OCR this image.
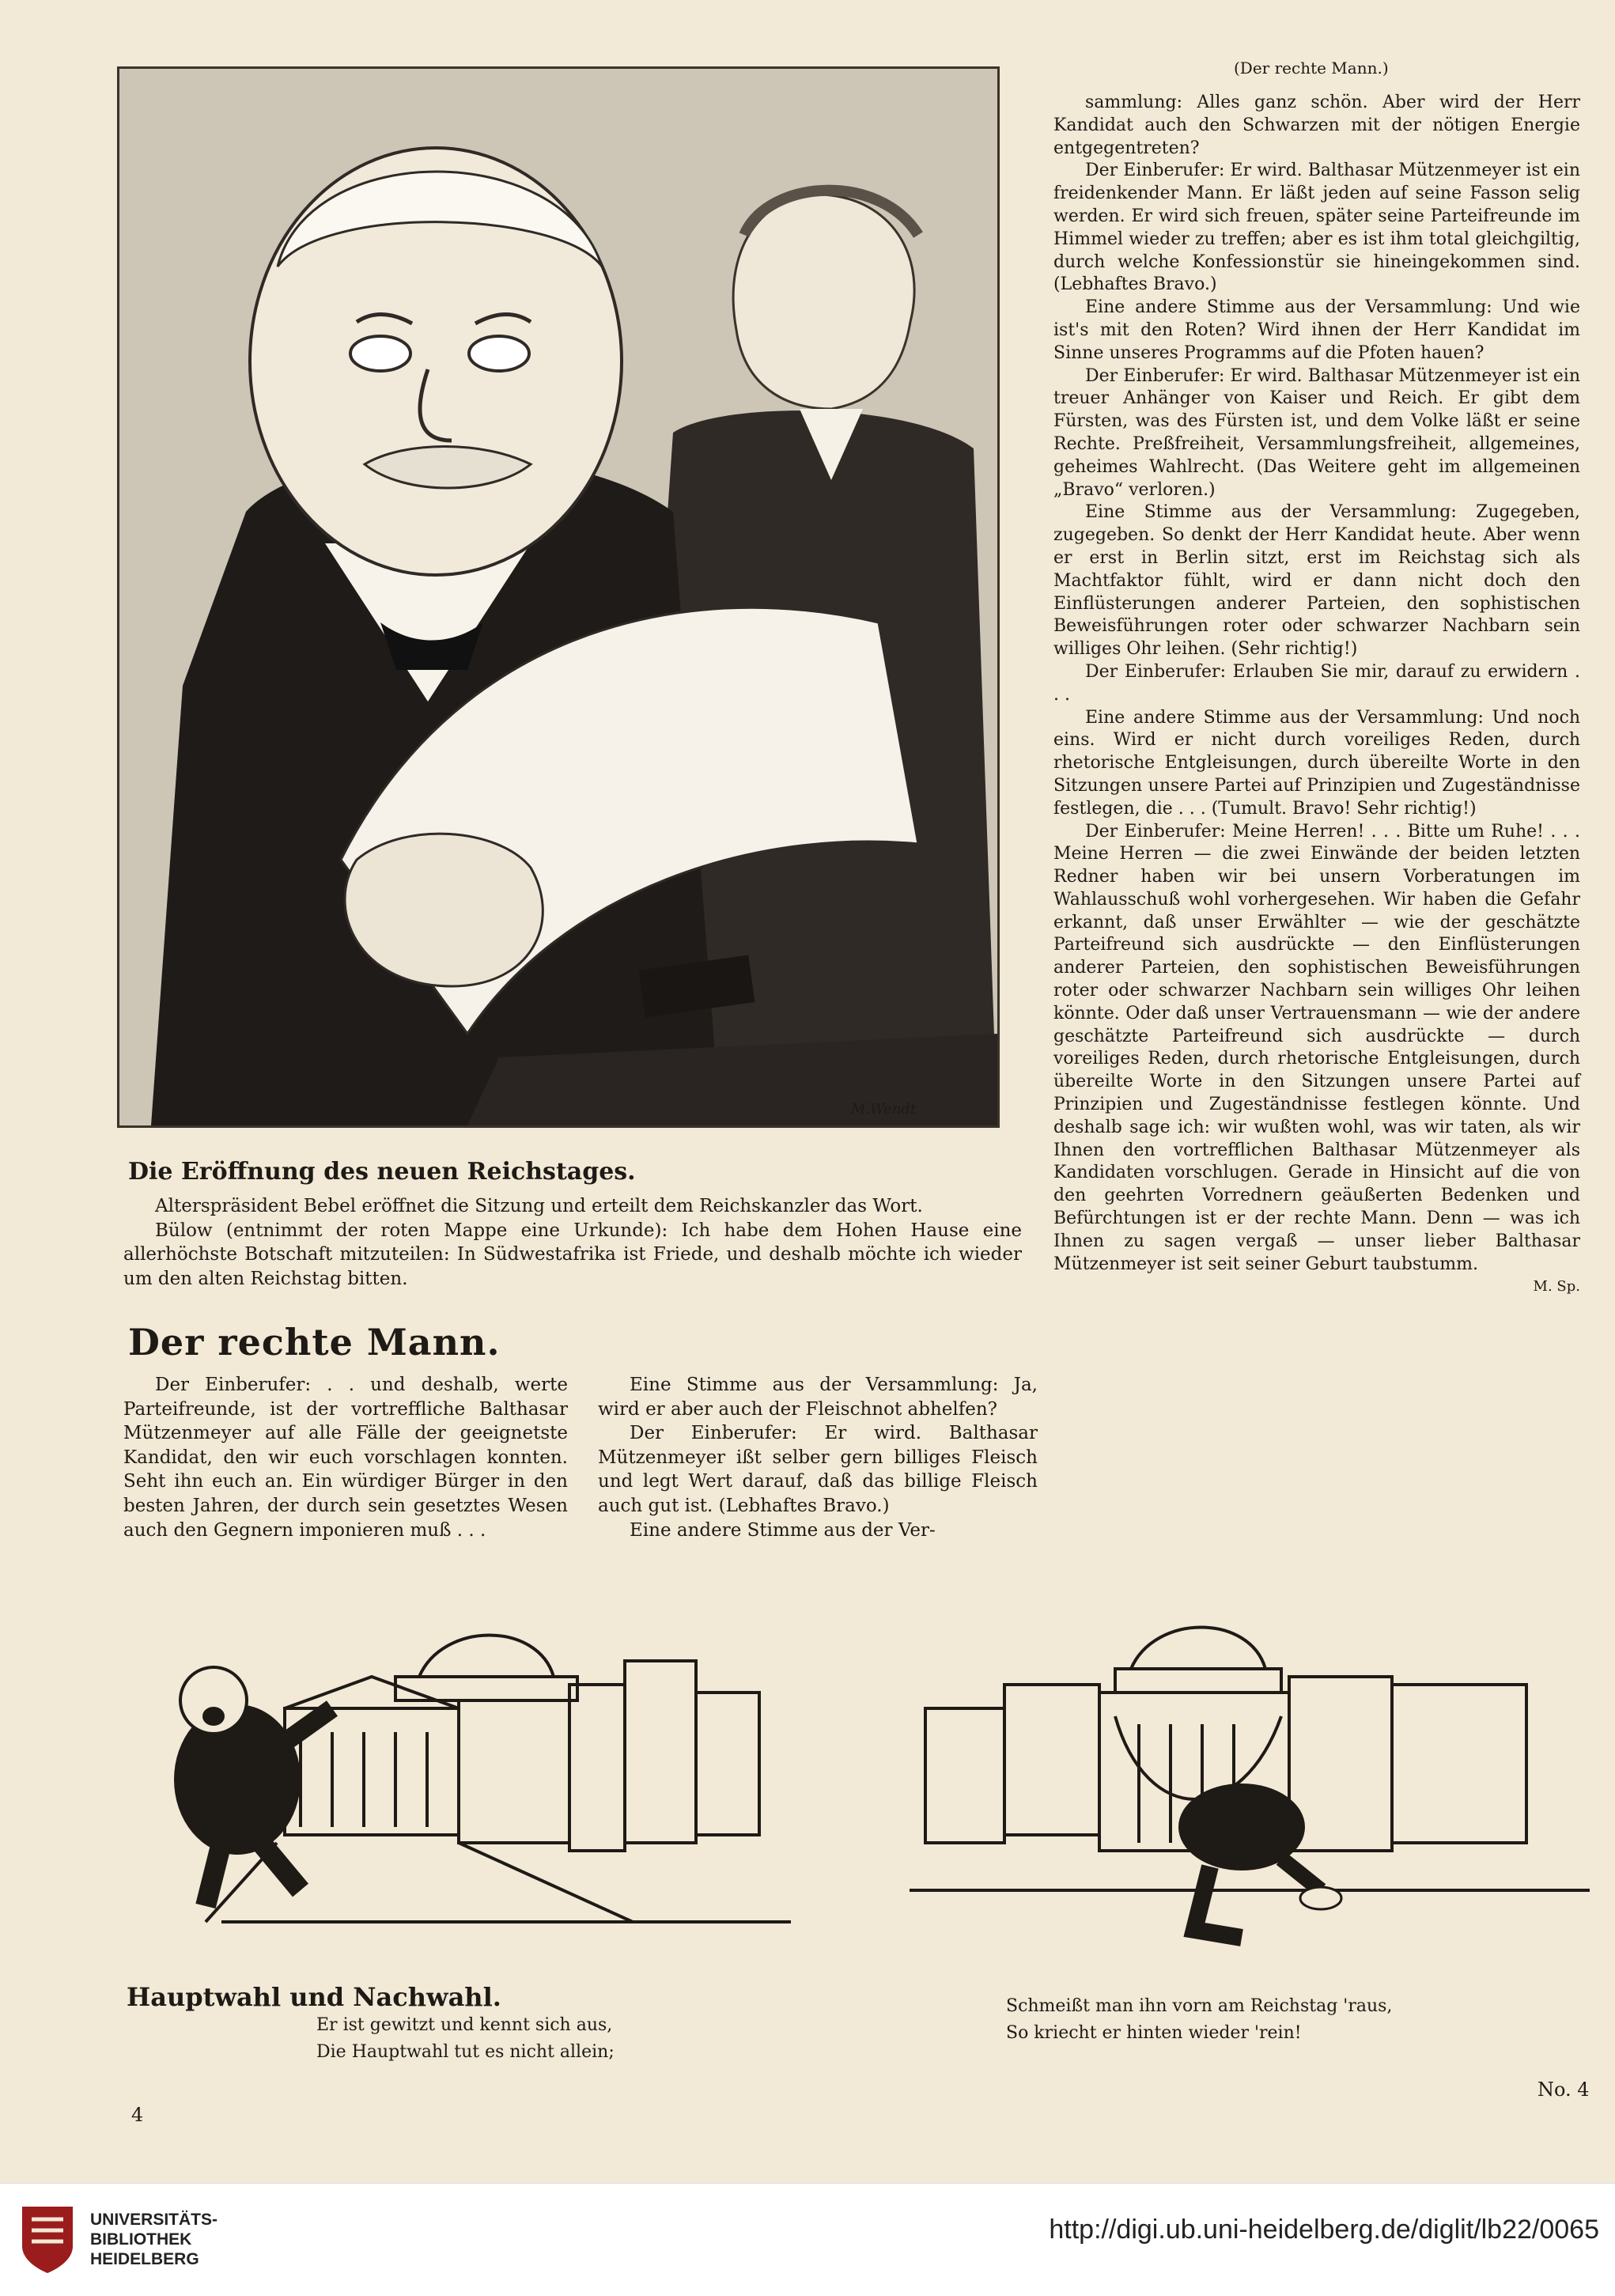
(Der rechte Mann.)
M.Wendt
Die Eröffnung des neuen Reichstages.

Alterspräsident Bebel eröffnet die Sitzung und erteilt dem Reichskanzler das Wort.

Bülow (entnimmt der roten Mappe eine Urkunde): Ich habe dem Hohen Hause eine allerhöchste Botschaft mitzuteilen: In Südwestafrika ist Friede, und deshalb möchte ich wieder um den alten Reichstag bitten.

Der rechte Mann.

Der Einberufer: . . und deshalb, werte Parteifreunde, ist der vortreffliche Balthasar Mützenmeyer auf alle Fälle der geeignetste Kandidat, den wir euch vorschlagen konnten. Seht ihn euch an. Ein würdiger Bürger in den besten Jahren, der durch sein gesetztes Wesen auch den Gegnern imponieren muß . . .

Eine Stimme aus der Versammlung: Ja, wird er aber auch der Fleischnot abhelfen?

Der Einberufer: Er wird. Balthasar Mützenmeyer ißt selber gern billiges Fleisch und legt Wert darauf, daß das billige Fleisch auch gut ist. (Lebhaftes Bravo.)

Eine andere Stimme aus der Ver-

sammlung: Alles ganz schön. Aber wird der Herr Kandidat auch den Schwarzen mit der nötigen Energie entgegentreten?

Der Einberufer: Er wird. Balthasar Mützenmeyer ist ein freidenkender Mann. Er läßt jeden auf seine Fasson selig werden. Er wird sich freuen, später seine Parteifreunde im Himmel wieder zu treffen; aber es ist ihm total gleichgiltig, durch welche Konfessionstür sie hineingekommen sind. (Lebhaftes Bravo.)

Eine andere Stimme aus der Versammlung: Und wie ist's mit den Roten? Wird ihnen der Herr Kandidat im Sinne unseres Programms auf die Pfoten hauen?

Der Einberufer: Er wird. Balthasar Mützenmeyer ist ein treuer Anhänger von Kaiser und Reich. Er gibt dem Fürsten, was des Fürsten ist, und dem Volke läßt er seine Rechte. Preßfreiheit, Versammlungsfreiheit, allgemeines, geheimes Wahlrecht. (Das Weitere geht im allgemeinen „Bravo“ verloren.)

Eine Stimme aus der Versammlung: Zugegeben, zugegeben. So denkt der Herr Kandidat heute. Aber wenn er erst in Berlin sitzt, erst im Reichstag sich als Machtfaktor fühlt, wird er dann nicht doch den Einflüsterungen anderer Parteien, den sophistischen Beweisführungen roter oder schwarzer Nachbarn sein williges Ohr leihen. (Sehr richtig!)

Der Einberufer: Erlauben Sie mir, darauf zu erwidern . . .

Eine andere Stimme aus der Versammlung: Und noch eins. Wird er nicht durch voreiliges Reden, durch rhetorische Entgleisungen, durch übereilte Worte in den Sitzungen unsere Partei auf Prinzipien und Zugeständnisse festlegen, die . . . (Tumult. Bravo! Sehr richtig!)

Der Einberufer: Meine Herren! . . . Bitte um Ruhe! . . . Meine Herren — die zwei Einwände der beiden letzten Redner haben wir bei unsern Vorberatungen im Wahlausschuß wohl vorhergesehen. Wir haben die Gefahr erkannt, daß unser Erwählter — wie der geschätzte Parteifreund sich ausdrückte — den Einflüsterungen anderer Parteien, den sophistischen Beweisführungen roter oder schwarzer Nachbarn sein williges Ohr leihen könnte. Oder daß unser Vertrauensmann — wie der andere geschätzte Parteifreund sich ausdrückte — durch voreiliges Reden, durch rhetorische Entgleisungen, durch übereilte Worte in den Sitzungen unsere Partei auf Prinzipien und Zugeständnisse festlegen könnte. Und deshalb sage ich: wir wußten wohl, was wir taten, als wir Ihnen den vortrefflichen Balthasar Mützenmeyer als Kandidaten vorschlugen. Gerade in Hinsicht auf die von den geehrten Vorrednern geäußerten Bedenken und Befürchtungen ist er der rechte Mann. Denn — was ich Ihnen zu sagen vergaß — unser lieber Balthasar Mützenmeyer ist seit seiner Geburt taubstumm.

M. Sp.
Hauptwahl und Nachwahl.
Er ist gewitzt und kennt sich aus,
Die Hauptwahl tut es nicht allein;
Schmeißt man ihn vorn am Reichstag 'raus,
So kriecht er hinten wieder 'rein!
4
No. 4
UNIVERSITÄTS-
BIBLIOTHEK
HEIDELBERG
http://digi.ub.uni-heidelberg.de/diglit/lb22/0065
